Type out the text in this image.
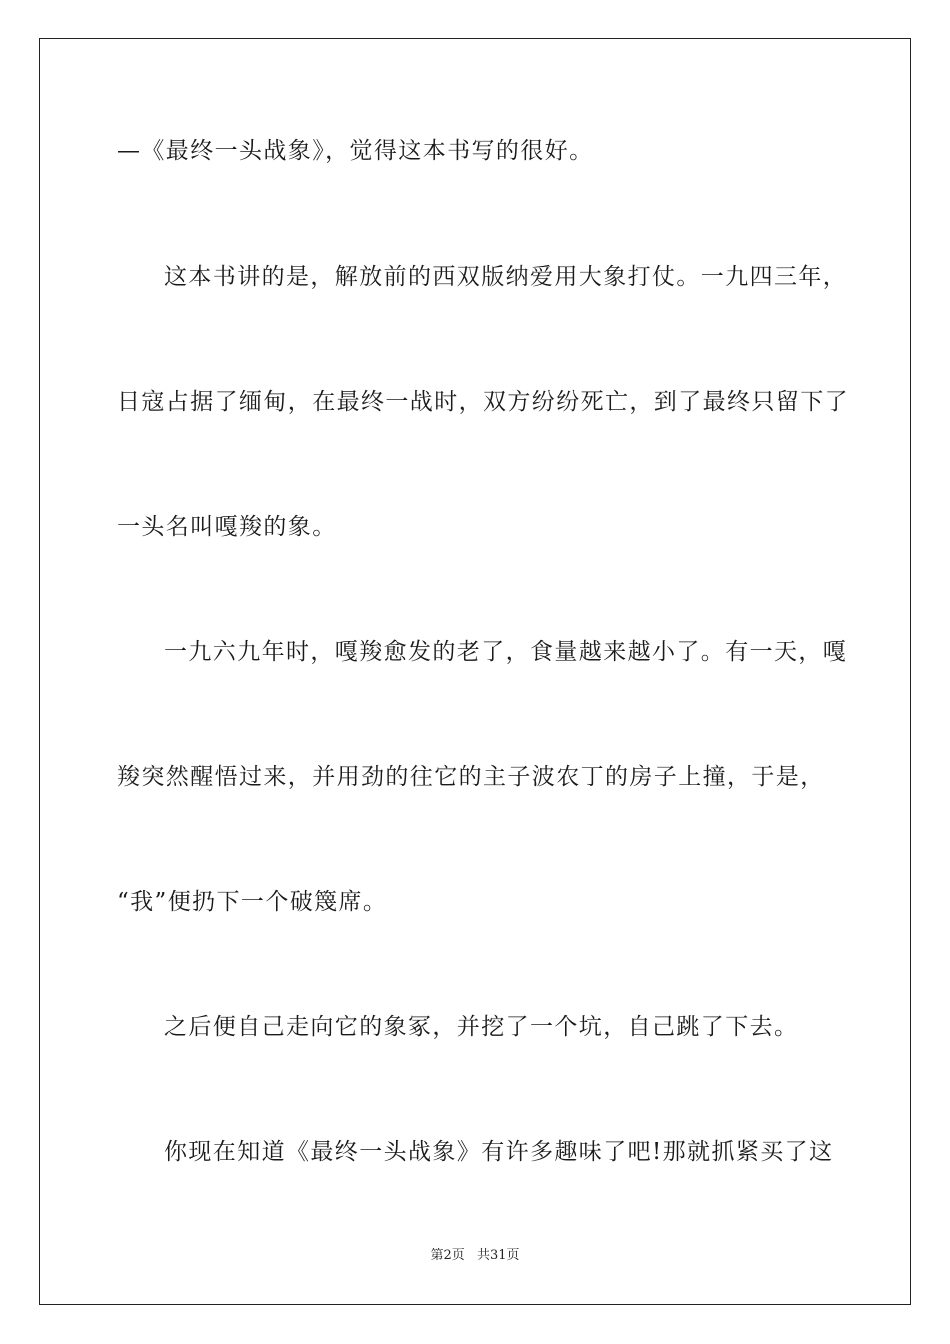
—《最终一头战象》，觉得这本书写的很好。
这本书讲的是，解放前的西双版纳爱用大象打仗。一九四三年，
日寇占据了缅甸，在最终一战时，双方纷纷死亡，到了最终只留下了
一头名叫嘎羧的象。
一九六九年时，嘎羧愈发的老了，食量越来越小了。有一天，嘎
羧突然醒悟过来，并用劲的往它的主子波农丁的房子上撞，于是，
“我”便扔下一个破篾席。
之后便自己走向它的象冢，并挖了一个坑，自己跳了下去。
你现在知道《最终一头战象》有许多趣味了吧!那就抓紧买了这
第2页 共31页
